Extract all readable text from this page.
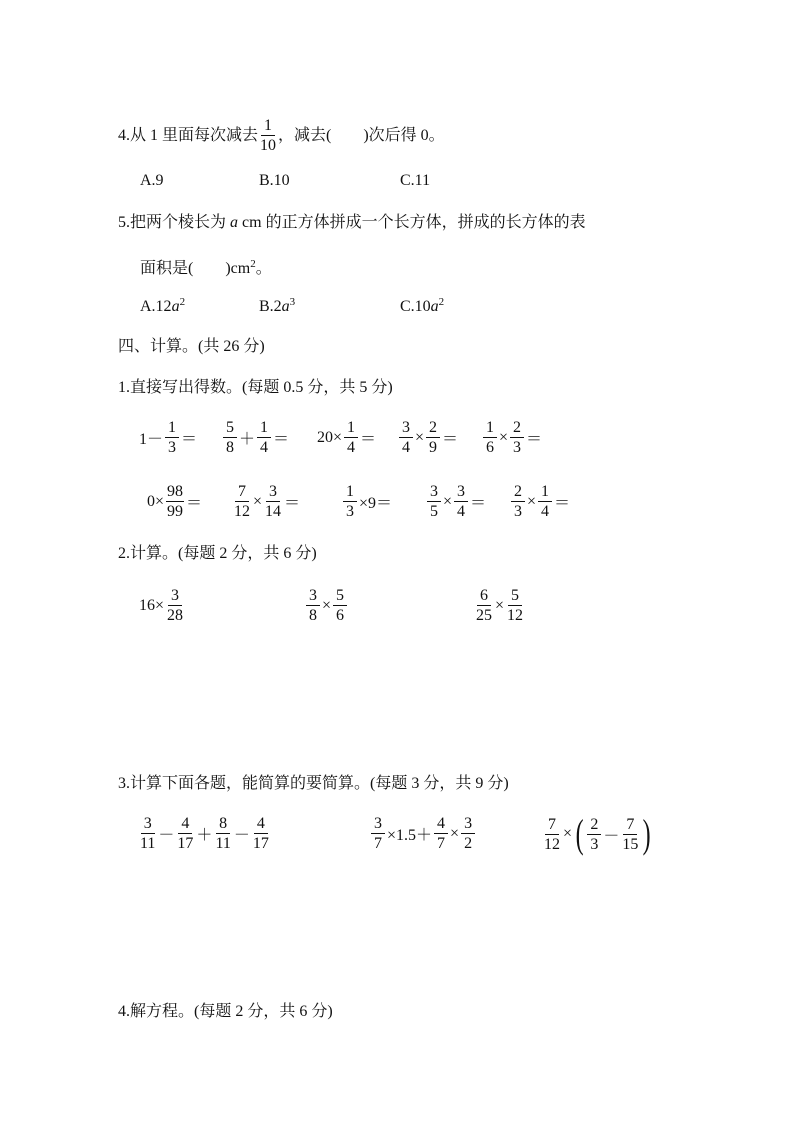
4.从 1 里面每次减去 $\frac{1}{10}$ ，减去(　　)次后得 0。
A.9	B.10	C.11
5.把两个棱长为 a cm 的正方体拼成一个长方体，拼成的长方体的表
面积是(　　)$cm^2$。
$A.12a^2$	$B.2a^3$	$C.10a^2$
四、计算。(共 26 分)
1.直接写出得数。(每题 0.5 分，共 5 分)
$1- \frac{1}{3} = \frac{5}{8} + \frac{1}{4} = 20\times \frac{1}{4} = \frac{3}{4} \times \frac{2}{9} = \frac{1}{6} \times \frac{2}{3}$ ＝
$0\times \frac{98}{99} = \frac{7}{12} \times \frac{3}{14}$ ＝	$\frac{1}{3} \times 9= \frac{3}{5} \times \frac{3}{4} = \frac{2}{3} \times \frac{1}{4}$ ＝
2.计算。(每题 2 分，共 6 分)
$16\times \frac{3}{28}$	$\frac{3}{8} \times \frac{5}{6}$	$\frac{6}{25} \times \frac{5}{12}$
3.计算下面各题，能简算的要简算。(每题 3 分，共 9 分)
$\frac{3}{11} - \frac{4}{17} + \frac{8}{11} - \frac{4}{17}$	$\frac{3}{7} \times 1.5+ \frac{4}{7} \times \frac{3}{2}$	$\frac{7}{12}$ × ( $\frac{2}{3} - \frac{7}{15}$ )
4.解方程。(每题 2 分，共 6 分)
